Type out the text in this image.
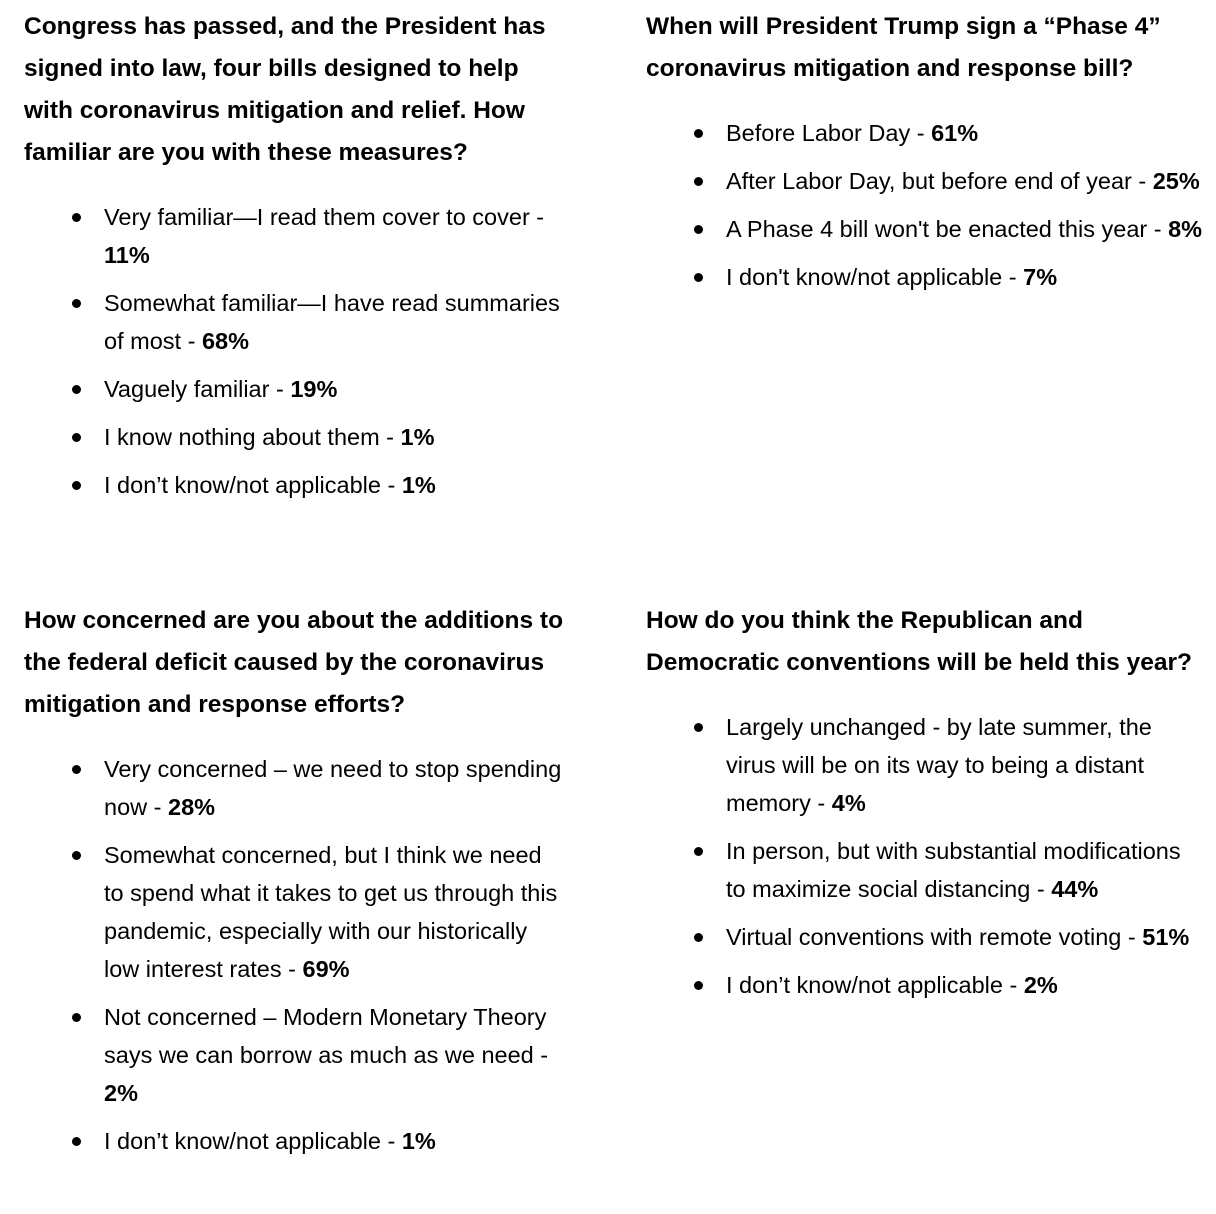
Congress has passed, and the President has signed into law, four bills designed to help with coronavirus mitigation and relief. How familiar are you with these measures?
Very familiar—I read them cover to cover - 11%
Somewhat familiar—I have read summaries of most - 68%
Vaguely familiar - 19%
I know nothing about them - 1%
I don’t know/not applicable - 1%
When will President Trump sign a “Phase 4” coronavirus mitigation and response bill?
Before Labor Day - 61%
After Labor Day, but before end of year - 25%
A Phase 4 bill won't be enacted this year - 8%
I don't know/not applicable - 7%
How concerned are you about the additions to the federal deficit caused by the coronavirus mitigation and response efforts?
Very concerned – we need to stop spending now - 28%
Somewhat concerned, but I think we need to spend what it takes to get us through this pandemic, especially with our historically low interest rates - 69%
Not concerned – Modern Monetary Theory says we can borrow as much as we need - 2%
I don’t know/not applicable - 1%
How do you think the Republican and Democratic conventions will be held this year?
Largely unchanged - by late summer, the virus will be on its way to being a distant memory - 4%
In person, but with substantial modifications to maximize social distancing - 44%
Virtual conventions with remote voting - 51%
I don’t know/not applicable - 2%
